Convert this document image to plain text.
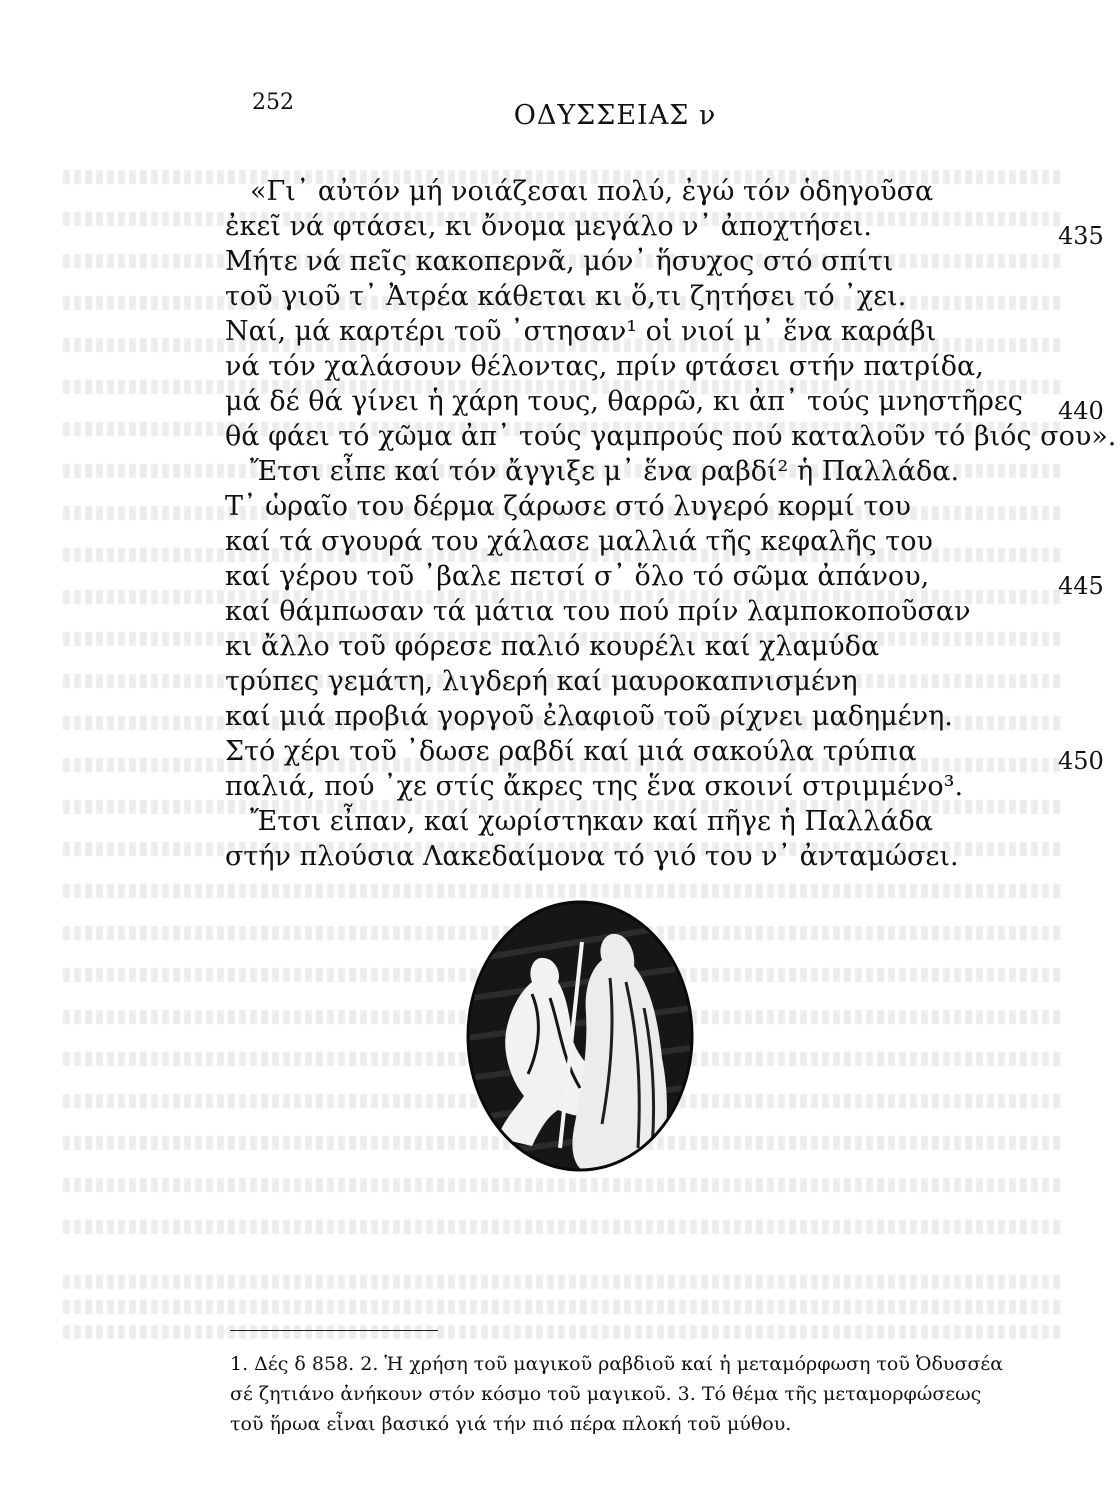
252	ΟΔΥΣΣΕΙΑΣ ν
«Γι᾽ αὐτόν μή νοιάζεσαι πολύ, ἐγώ τόν ὁδηγοῦσα
ἐκεῖ νά φτάσει, κι ὄνομα μεγάλο ν᾽ ἀποχτήσει.
Μήτε νά πεῖς κακοπερνᾶ, μόν᾽ ἥσυχος στό σπίτι
τοῦ γιοῦ τ᾽ Ἀτρέα κάθεται κι ὅ,τι ζητήσει τό ᾽χει.
Ναί, μά καρτέρι τοῦ ᾽στησαν¹ οἱ νιοί μ᾽ ἕνα καράβι
νά τόν χαλάσουν θέλοντας, πρίν φτάσει στήν πατρίδα,
μά δέ θά γίνει ἡ χάρη τους, θαρρῶ, κι ἀπ᾽ τούς μνηστῆρες
θά φάει τό χῶμα ἀπ᾽ τούς γαμπρούς πού καταλοῦν τό βιός σου».
Ἔτσι εἶπε καί τόν ἄγγιξε μ᾽ ἕνα ραβδί² ἡ Παλλάδα.
Τ᾽ ὡραῖο του δέρμα ζάρωσε στό λυγερό κορμί του
καί τά σγουρά του χάλασε μαλλιά τῆς κεφαλῆς του
καί γέρου τοῦ ᾽βαλε πετσί σ᾽ ὅλο τό σῶμα ἀπάνου,
καί θάμπωσαν τά μάτια του πού πρίν λαμποκοποῦσαν
κι ἄλλο τοῦ φόρεσε παλιό κουρέλι καί χλαμύδα
τρύπες γεμάτη, λιγδερή καί μαυροκαπνισμένη
καί μιά προβιά γοργοῦ ἐλαφιοῦ τοῦ ρίχνει μαδημένη.
Στό χέρι τοῦ ᾽δωσε ραβδί καί μιά σακούλα τρύπια
παλιά, πού ᾽χε στίς ἄκρες της ἕνα σκοινί στριμμένο³.
Ἔτσι εἶπαν, καί χωρίστηκαν καί πῆγε ἡ Παλλάδα
στήν πλούσια Λακεδαίμονα τό γιό του ν᾽ ἀνταμώσει.
435
440
445
450
1. Δές δ 858. 2. Ἡ χρήση τοῦ μαγικοῦ ραβδιοῦ καί ἡ μεταμόρφωση τοῦ Ὀδυσσέα
σέ ζητιάνο ἀνήκουν στόν κόσμο τοῦ μαγικοῦ. 3. Τό θέμα τῆς μεταμορφώσεως
τοῦ ἥρωα εἶναι βασικό γιά τήν πιό πέρα πλοκή τοῦ μύθου.
